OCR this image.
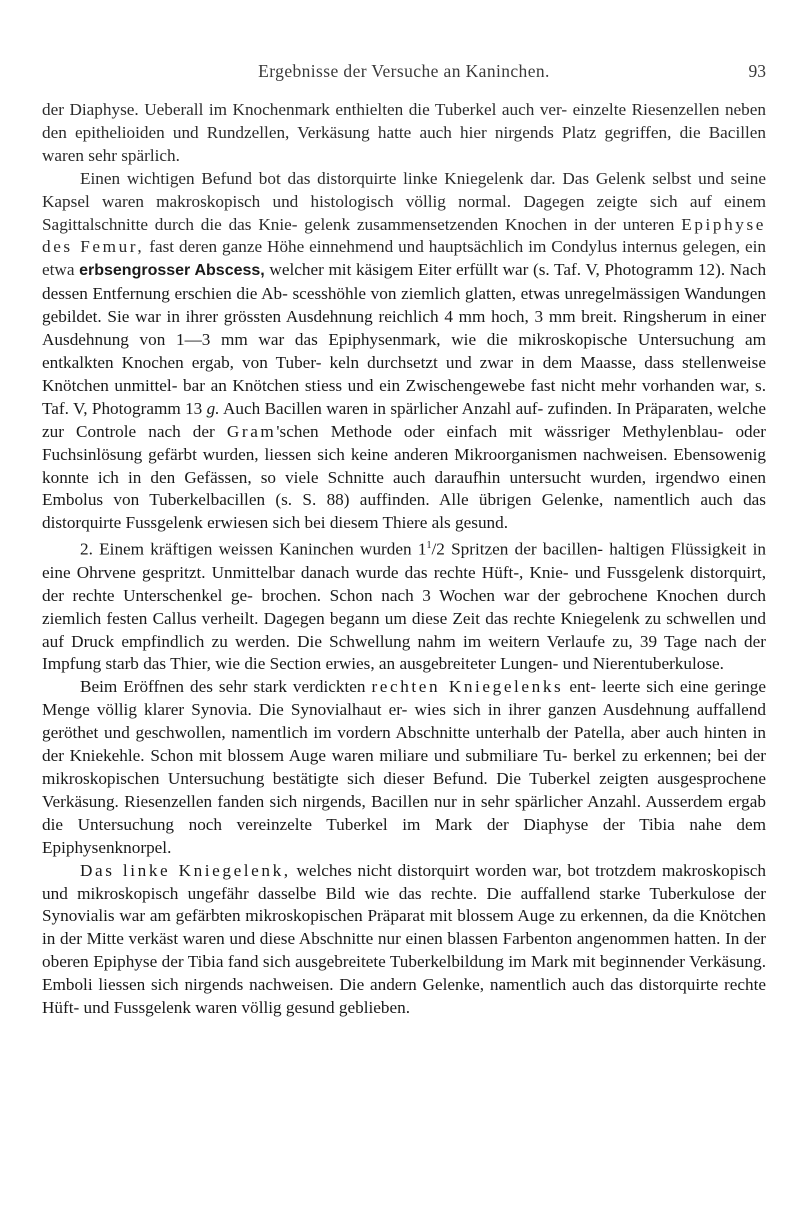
Ergebnisse der Versuche an Kaninchen.	93

der Diaphyse. Ueberall im Knochenmark enthielten die Tuberkel auch ver- einzelte Riesenzellen neben den epithelioiden und Rundzellen, Verkäsung hatte auch hier nirgends Platz gegriffen, die Bacillen waren sehr spärlich.

Einen wichtigen Befund bot das distorquirte linke Kniegelenk dar. Das Gelenk selbst und seine Kapsel waren makroskopisch und histologisch völlig normal. Dagegen zeigte sich auf einem Sagittalschnitte durch die das Knie- gelenk zusammensetzenden Knochen in der unteren Epiphyse des Femur, fast deren ganze Höhe einnehmend und hauptsächlich im Condylus internus gelegen, ein etwa erbsengrosser Abscess, welcher mit käsigem Eiter erfüllt war (s. Taf. V, Photogramm 12). Nach dessen Entfernung erschien die Ab- scesshöhle von ziemlich glatten, etwas unregelmässigen Wandungen gebildet. Sie war in ihrer grössten Ausdehnung reichlich 4 mm hoch, 3 mm breit. Ringsherum in einer Ausdehnung von 1—3 mm war das Epiphysenmark, wie die mikroskopische Untersuchung am entkalkten Knochen ergab, von Tuber- keln durchsetzt und zwar in dem Maasse, dass stellenweise Knötchen unmittel- bar an Knötchen stiess und ein Zwischengewebe fast nicht mehr vorhanden war, s. Taf. V, Photogramm 13 g. Auch Bacillen waren in spärlicher Anzahl auf- zufinden. In Präparaten, welche zur Controle nach der Gram'schen Methode oder einfach mit wässriger Methylenblau- oder Fuchsinlösung gefärbt wurden, liessen sich keine anderen Mikroorganismen nachweisen. Ebensowenig konnte ich in den Gefässen, so viele Schnitte auch daraufhin untersucht wurden, irgendwo einen Embolus von Tuberkelbacillen (s. S. 88) auffinden. Alle übrigen Gelenke, namentlich auch das distorquirte Fussgelenk erwiesen sich bei diesem Thiere als gesund.

2. Einem kräftigen weissen Kaninchen wurden $1^1/2$ Spritzen der bacillen- haltigen Flüssigkeit in eine Ohrvene gespritzt. Unmittelbar danach wurde das rechte Hüft-, Knie- und Fussgelenk distorquirt, der rechte Unterschenkel ge- brochen. Schon nach 3 Wochen war der gebrochene Knochen durch ziemlich festen Callus verheilt. Dagegen begann um diese Zeit das rechte Kniegelenk zu schwellen und auf Druck empfindlich zu werden. Die Schwellung nahm im weitern Verlaufe zu, 39 Tage nach der Impfung starb das Thier, wie die Section erwies, an ausgebreiteter Lungen- und Nierentuberkulose.

Beim Eröffnen des sehr stark verdickten rechten Kniegelenks ent- leerte sich eine geringe Menge völlig klarer Synovia. Die Synovialhaut er- wies sich in ihrer ganzen Ausdehnung auffallend geröthet und geschwollen, namentlich im vordern Abschnitte unterhalb der Patella, aber auch hinten in der Kniekehle. Schon mit blossem Auge waren miliare und submiliare Tu- berkel zu erkennen; bei der mikroskopischen Untersuchung bestätigte sich dieser Befund. Die Tuberkel zeigten ausgesprochene Verkäsung. Riesenzellen fanden sich nirgends, Bacillen nur in sehr spärlicher Anzahl. Ausserdem ergab die Untersuchung noch vereinzelte Tuberkel im Mark der Diaphyse der Tibia nahe dem Epiphysenknorpel.

Das linke Kniegelenk, welches nicht distorquirt worden war, bot trotzdem makroskopisch und mikroskopisch ungefähr dasselbe Bild wie das rechte. Die auffallend starke Tuberkulose der Synovialis war am gefärbten mikroskopischen Präparat mit blossem Auge zu erkennen, da die Knötchen in der Mitte verkäst waren und diese Abschnitte nur einen blassen Farbenton angenommen hatten. In der oberen Epiphyse der Tibia fand sich ausgebreitete Tuberkelbildung im Mark mit beginnender Verkäsung. Emboli liessen sich nirgends nachweisen. Die andern Gelenke, namentlich auch das distorquirte rechte Hüft- und Fussgelenk waren völlig gesund geblieben.
